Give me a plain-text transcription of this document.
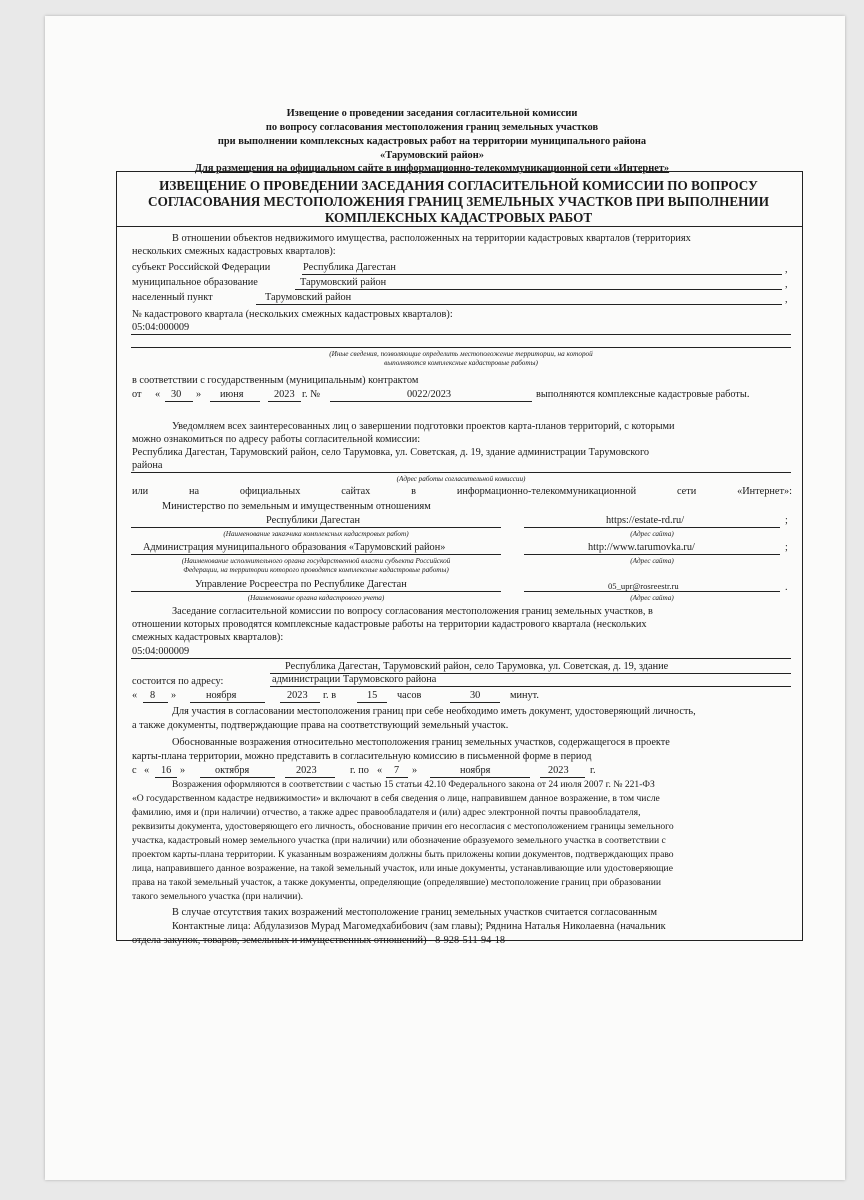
Извещение о проведении заседания согласительной комиссии
по вопросу согласования местоположения границ земельных участков
при выполнении комплексных кадастровых работ на территории муниципального района
«Тарумовский район»
Для размещения на официальном сайте в информационно-телекоммуникационной сети «Интернет»
ИЗВЕЩЕНИЕ О ПРОВЕДЕНИИ ЗАСЕДАНИЯ СОГЛАСИТЕЛЬНОЙ КОМИССИИ ПО ВОПРОСУ
СОГЛАСОВАНИЯ МЕСТОПОЛОЖЕНИЯ ГРАНИЦ ЗЕМЕЛЬНЫХ УЧАСТКОВ ПРИ ВЫПОЛНЕНИИ
КОМПЛЕКСНЫХ КАДАСТРОВЫХ РАБОТ
В отношении объектов недвижимого имущества, расположенных на территории кадастровых кварталов (территориях
нескольких смежных кадастровых кварталов):
субъект Российской Федерации	Республика Дагестан	,
муниципальное образование	Тарумовский район	,
населенный пункт	Тарумовский район	,
№ кадастрового квартала (нескольких смежных кадастровых кварталов):
05:04:000009
(Иные сведения, позволяющие определить местоположение территории, на которой
выполняются комплексные кадастровые работы)
в соответствии с государственным (муниципальным) контрактом
от « 30 » июня	2023 г. №	0022/2023	выполняются комплексные кадастровые работы.
Уведомляем всех заинтересованных лиц о завершении подготовки проектов карта-планов территорий, с которыми
можно ознакомиться по адресу работы согласительной комиссии:
Республика Дагестан, Тарумовский район, село Тарумовка, ул. Советская, д. 19, здание администрации Тарумовского
района
(Адрес работы согласительной комиссии)
или	на	официальных	сайтах	в	информационно-телекоммуникационной	сети	«Интернет»:
Министерство по земельным и имущественным отношениям
Республики Дагестан
(Наименование заказчика комплексных кадастровых работ)
https://estate-rd.ru/	;
(Адрес сайта)
Администрация муниципального образования «Тарумовский район»
(Наименование исполнительного органа государственной власти субъекта Российской
Федерации, на территории которого проводятся комплексные кадастровые работы)
http://www.tarumovka.ru/	;
(Адрес сайта)
Управление Росреестра по Республике Дагестан
(Наименование органа кадастрового учета)
05_upr@rosreestr.ru	.
(Адрес сайта)
Заседание согласительной комиссии по вопросу согласования местоположения границ земельных участков, в
отношении которых проводятся комплексные кадастровые работы на территории кадастрового квартала (нескольких
смежных кадастровых кварталов):
05:04:000009
Республика Дагестан, Тарумовский район, село Тарумовка, ул. Советская, д. 19, здание
состоится по адресу:	администрации Тарумовского района
« 8 »	ноября	2023 г. в	15 часов	30	минут.
Для участия в согласовании местоположения границ при себе необходимо иметь документ, удостоверяющий личность,
а также документы, подтверждающие права на соответствующий земельный участок.
Обоснованные возражения относительно местоположения границ земельных участков, содержащегося в проекте
карты-плана территории, можно представить в согласительную комиссию в письменной форме в период
с « 16 »	октября	2023	г. по « 7 »	ноября	2023 г.
Возражения оформляются в соответствии с частью 15 статьи 42.10 Федерального закона от 24 июля 2007 г. № 221-ФЗ
«О государственном кадастре недвижимости» и включают в себя сведения о лице, направившем данное возражение, в том числе
фамилию, имя и (при наличии) отчество, а также адрес правообладателя и (или) адрес электронной почты правообладателя,
реквизиты документа, удостоверяющего его личность, обоснование причин его несогласия с местоположением границы земельного
участка, кадастровый номер земельного участка (при наличии) или обозначение образуемого земельного участка в соответствии с
проектом карты-плана территории. К указанным возражениям должны быть приложены копии документов, подтверждающих право
лица, направившего данное возражение, на такой земельный участок, или иные документы, устанавливающие или удостоверяющие
права на такой земельный участок, а также документы, определяющие (определявшие) местоположение границ при образовании
такого земельного участка (при наличии).
В случае отсутствия таких возражений местоположение границ земельных участков считается согласованным
Контактные лица: Абдулазизов Мурад Магомедхабибович (зам главы); Ряднина Наталья Николаевна (начальник
отдела закупок, товаров, земельных и имущественных отношений) - 8-928-511-94-18
